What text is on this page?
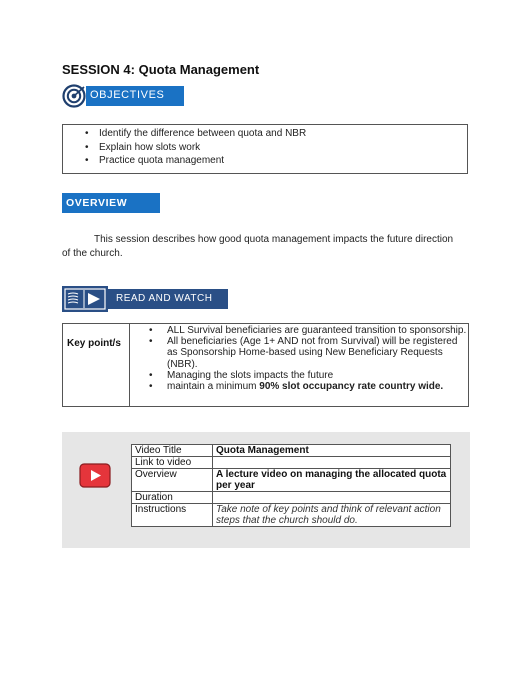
SESSION 4: Quota Management
OBJECTIVES
• Identify the difference between quota and NBR
• Explain how slots work
• Practice quota management
OVERVIEW
This session describes how good quota management impacts the future direction of the church.
READ AND WATCH
Key point/s
• ALL Survival beneficiaries are guaranteed transition to sponsorship.
• All beneficiaries (Age 1+ AND not from Survival) will be registered as Sponsorship Home-based using New Beneficiary Requests (NBR).
• Managing the slots impacts the future
• maintain a minimum 90% slot occupancy rate country wide.
Video Title	Quota Management
Link to video	
Overview	A lecture video on managing the allocated quota per year
Duration	
Instructions	Take note of key points and think of relevant action steps that the church should do.
